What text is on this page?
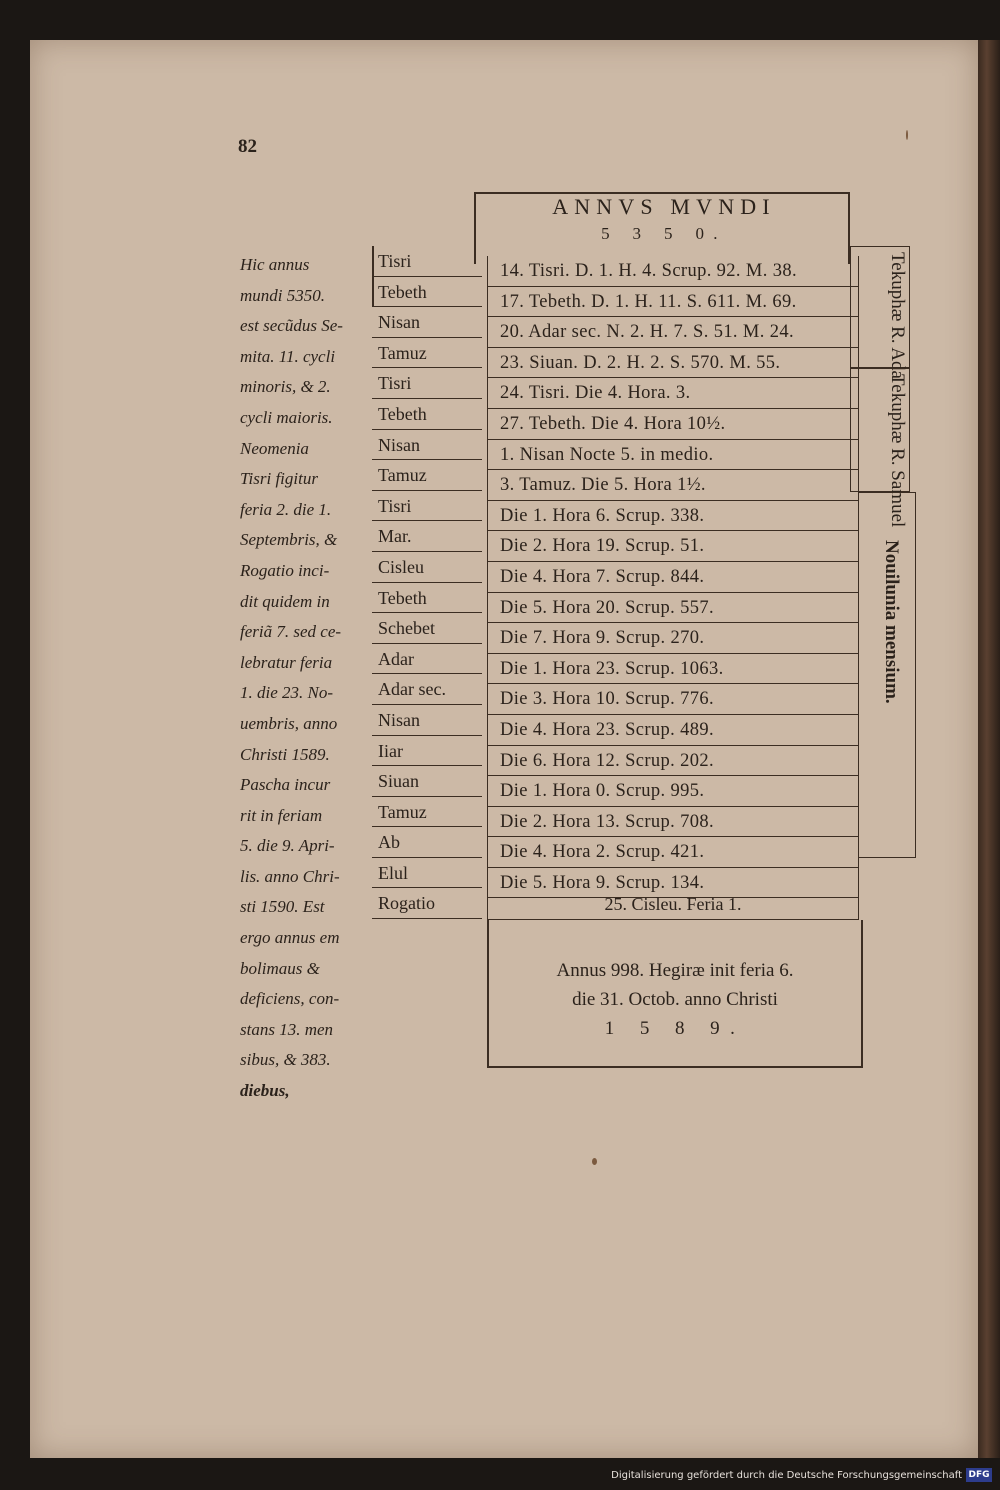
82
Hic annus
mundi 5350.
est secũdus Se-
mita. 11. cycli
minoris, & 2.
cycli maioris.
Neomenia
Tisri figitur
feria 2. die 1.
Septembris, &
Rogatio inci-
dit quidem in
feriã 7. sed ce-
lebratur feria
1. die 23. No-
uembris, anno
Christi 1589.
Pascha incur
rit in feriam
5. die 9. Apri-
lis. anno Chri-
sti 1590. Est
ergo annus em
bolimaus &
deficiens, con-
stans 13. men
sibus, & 383.
diebus,
Tisri
Tebeth
Nisan
Tamuz
Tisri
Tebeth
Nisan
Tamuz
Tisri
Mar.
Cisleu
Tebeth
Schebet
Adar
Adar sec.
Nisan
Iiar
Siuan
Tamuz
Ab
Elul
Rogatio
ANNVS MVNDI
5 3 5 0.
14. Tisri. D. 1. H. 4. Scrup. 92. M. 38.
17. Tebeth. D. 1. H. 11. S. 611. M. 69.
20. Adar sec. N. 2. H. 7. S. 51. M. 24.
23. Siuan. D. 2. H. 2. S. 570. M. 55.
24. Tisri. Die 4. Hora. 3.
27. Tebeth. Die 4. Hora 10½.
1. Nisan Nocte 5. in medio.
3. Tamuz. Die 5. Hora 1½.
Die 1. Hora 6. Scrup. 338.
Die 2. Hora 19. Scrup. 51.
Die 4. Hora 7. Scrup. 844.
Die 5. Hora 20. Scrup. 557.
Die 7. Hora 9. Scrup. 270.
Die 1. Hora 23. Scrup. 1063.
Die 3. Hora 10. Scrup. 776.
Die 4. Hora 23. Scrup. 489.
Die 6. Hora 12. Scrup. 202.
Die 1. Hora 0. Scrup. 995.
Die 2. Hora 13. Scrup. 708.
Die 4. Hora 2. Scrup. 421.
Die 5. Hora 9. Scrup. 134.
25. Cisleu. Feria 1.
Annus 998. Hegiræ init feria 6.
die 31. Octob. anno Christi
1 5 8 9.
Tekuphæ R. Ada
Tekuphæ R. Samuel
Nouilunia mensium.
Digitalisierung gefördert durch die Deutsche Forschungsgemeinschaft DFG
